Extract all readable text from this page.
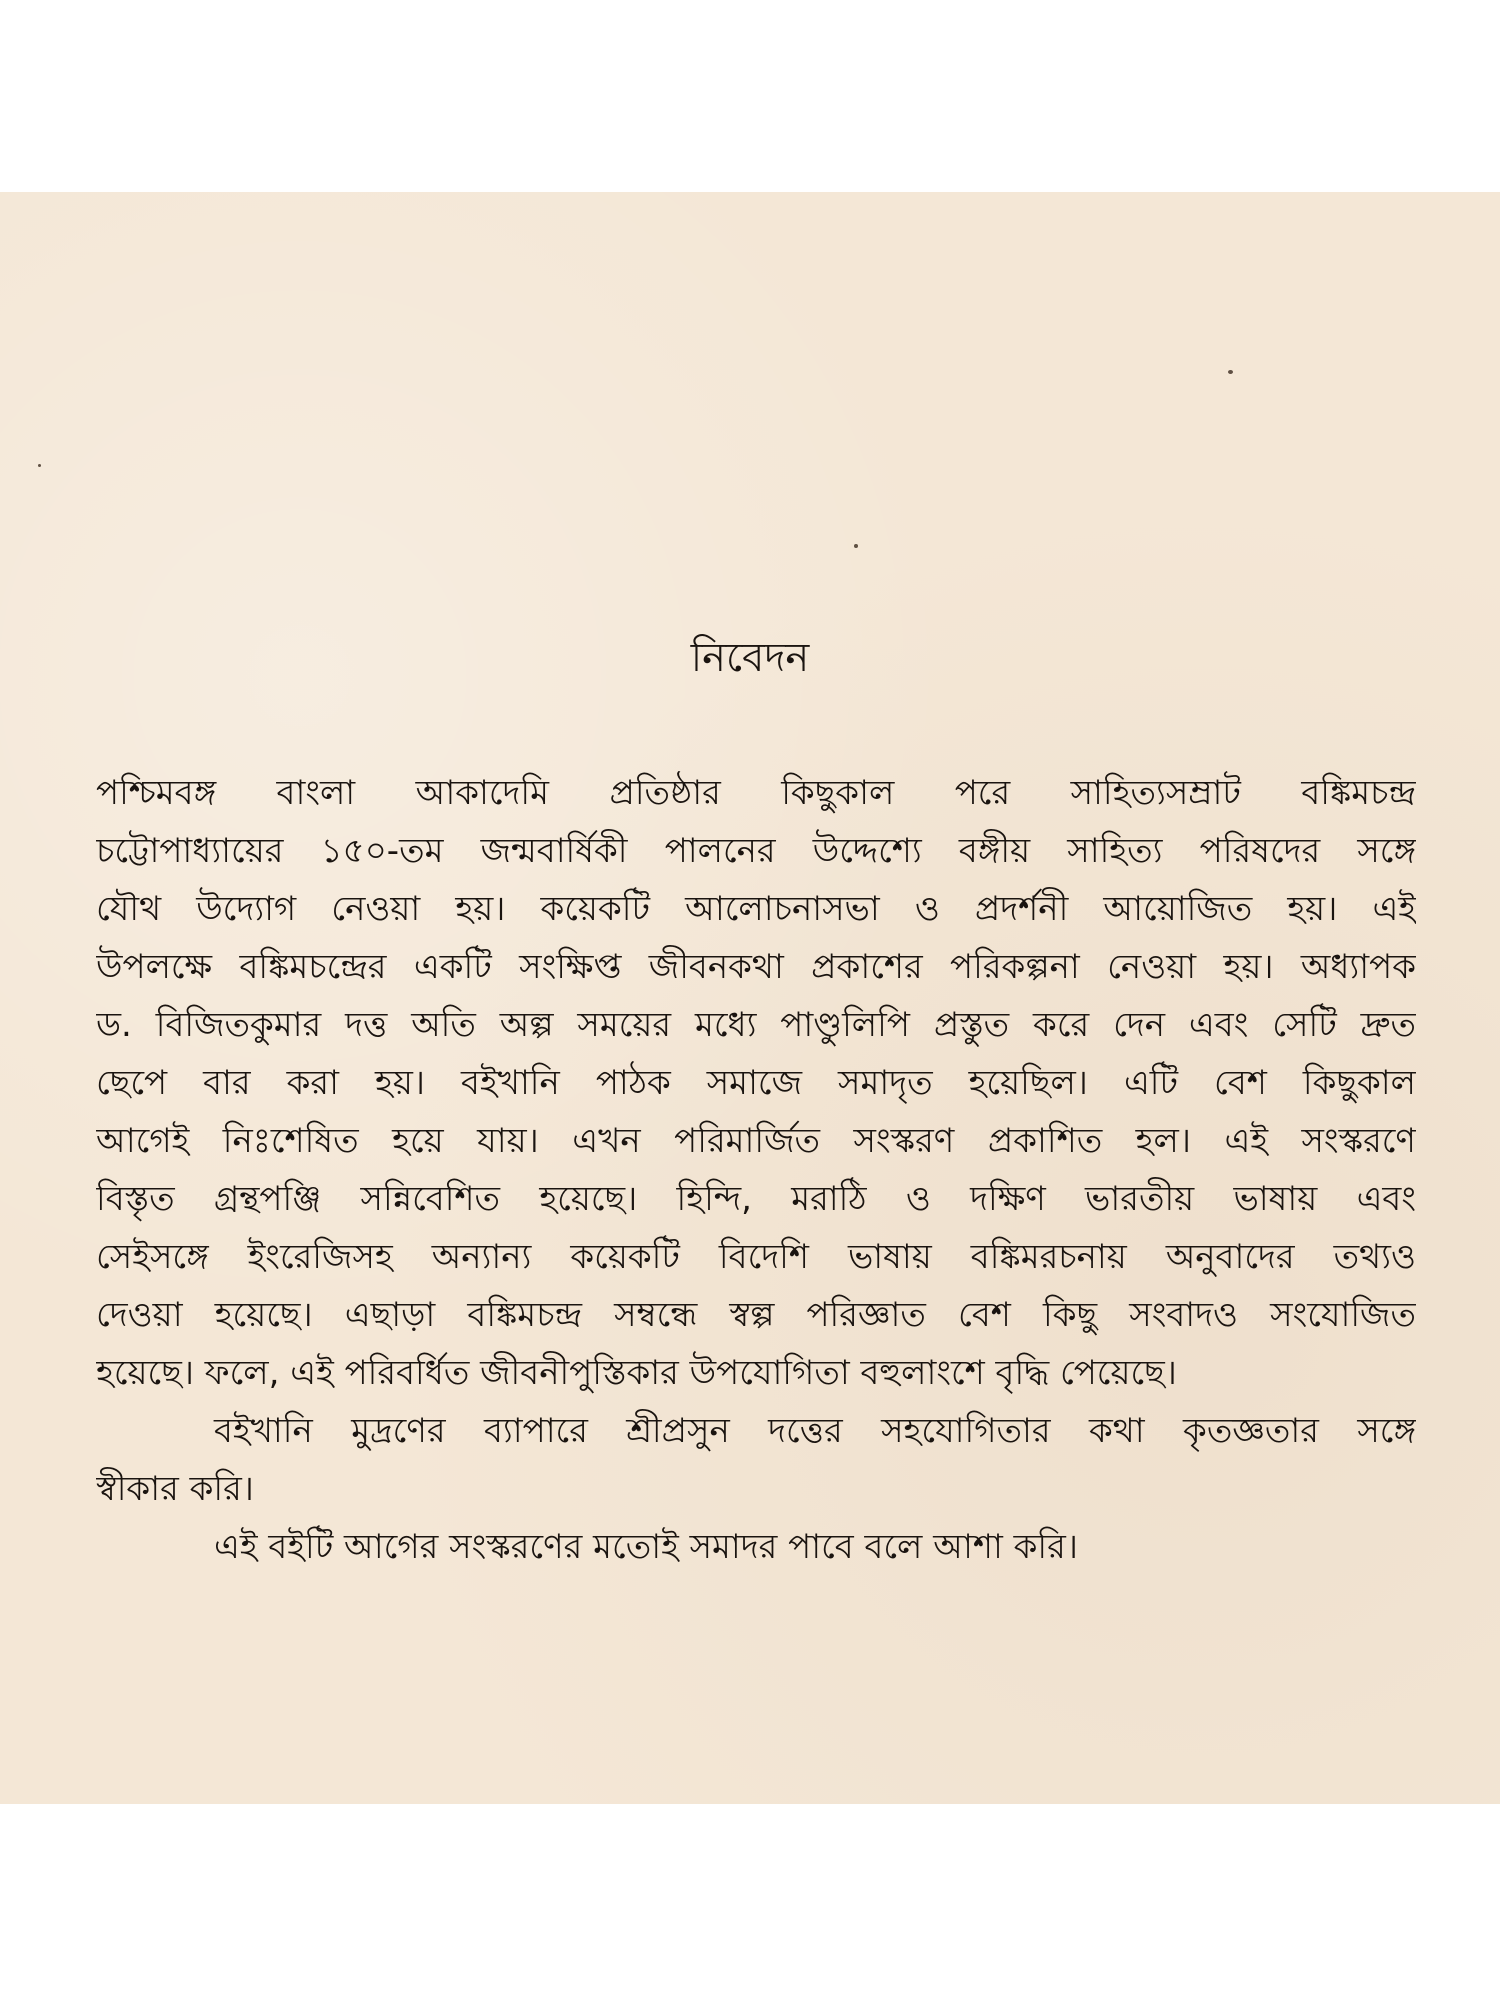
নিবেদন
পশ্চিমবঙ্গ বাংলা আকাদেমি প্রতিষ্ঠার কিছুকাল পরে সাহিত্যসম্রাট বঙ্কিমচন্দ্র
চট্টোপাধ্যায়ের ১৫০-তম জন্মবার্ষিকী পালনের উদ্দেশ্যে বঙ্গীয় সাহিত্য পরিষদের সঙ্গে
যৌথ উদ্যোগ নেওয়া হয়। কয়েকটি আলোচনাসভা ও প্রদর্শনী আয়োজিত হয়। এই
উপলক্ষে বঙ্কিমচন্দ্রের একটি সংক্ষিপ্ত জীবনকথা প্রকাশের পরিকল্পনা নেওয়া হয়। অধ্যাপক
ড. বিজিতকুমার দত্ত অতি অল্প সময়ের মধ্যে পাণ্ডুলিপি প্রস্তুত করে দেন এবং সেটি দ্রুত
ছেপে বার করা হয়। বইখানি পাঠক সমাজে সমাদৃত হয়েছিল। এটি বেশ কিছুকাল
আগেই নিঃশেষিত হয়ে যায়। এখন পরিমার্জিত সংস্করণ প্রকাশিত হল। এই সংস্করণে
বিস্তৃত গ্রন্থপঞ্জি সন্নিবেশিত হয়েছে। হিন্দি, মরাঠি ও দক্ষিণ ভারতীয় ভাষায় এবং
সেইসঙ্গে ইংরেজিসহ অন্যান্য কয়েকটি বিদেশি ভাষায় বঙ্কিমরচনায় অনুবাদের তথ্যও
দেওয়া হয়েছে। এছাড়া বঙ্কিমচন্দ্র সম্বন্ধে স্বল্প পরিজ্ঞাত বেশ কিছু সংবাদও সংযোজিত
হয়েছে। ফলে, এই পরিবর্ধিত জীবনীপুস্তিকার উপযোগিতা বহুলাংশে বৃদ্ধি পেয়েছে।
বইখানি মুদ্রণের ব্যাপারে শ্রীপ্রসুন দত্তের সহযোগিতার কথা কৃতজ্ঞতার সঙ্গে
স্বীকার করি।
এই বইটি আগের সংস্করণের মতোই সমাদর পাবে বলে আশা করি।
